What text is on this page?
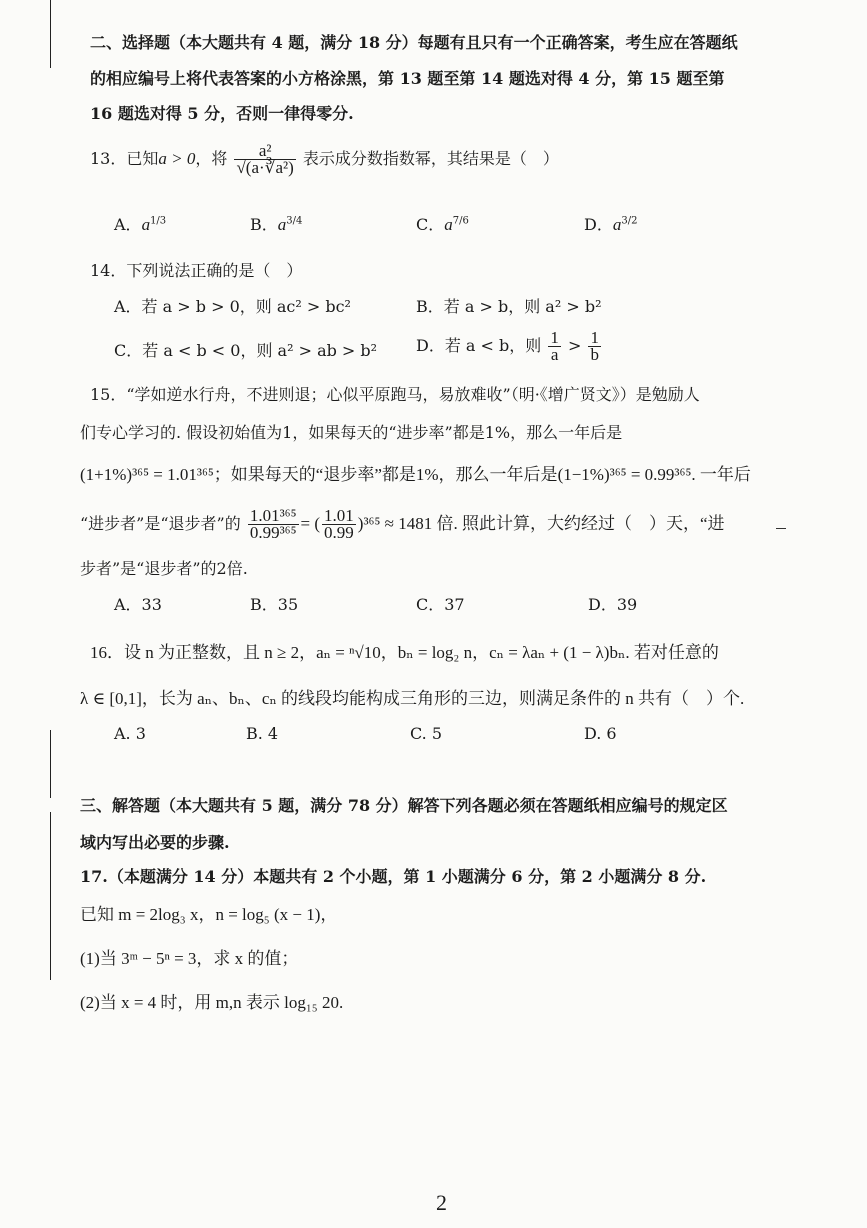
二、选择题（本大题共有 4 题，满分 18 分）每题有且只有一个正确答案，考生应在答题纸
的相应编号上将代表答案的小方格涂黑，第 13 题至第 14 题选对得 4 分，第 15 题至第
16 题选对得 5 分，否则一律得零分.
13．已知a > 0，将 $\frac{\text{a²}}{\text{√(a·∛a²)}}$ 表示成分数指数幂，其结果是（　）
A．$a^{1/3}$	B．$a^{3/4}$	C．$a^{7/6}$	D．$a^{3/2}$
14．下列说法正确的是（　）
A．若 a > b > 0，则 ac² > bc²	B．若 a > b，则 a² > b²
C．若 a < b < 0，则 a² > ab > b² D．若 a < b，则 $\frac{1}{a} > \frac{1}{b}$
15．“学如逆水行舟，不进则退；心似平原跑马，易放难收”（明·《增广贤文》）是勉励人
们专心学习的. 假设初始值为1，如果每天的“进步率”都是1%，那么一年后是
(1+1%)³⁶⁵ = 1.01³⁶⁵；如果每天的“退步率”都是1%，那么一年后是(1−1%)³⁶⁵ = 0.99³⁶⁵. 一年后
“进步者”是“退步者”的 $\frac{\text{1.01³⁶⁵}}{\text{0.99³⁶⁵}}$ = ( $\frac{1.01}{0.99} )^{365} \approx 1481$ 倍. 照此计算，大约经过（　）天，“进
步者”是“退步者”的2倍.
A．33	B．35	C．37	D．39
16．设 n 为正整数，且 n ≥ 2，aₙ = ⁿ√10，bₙ = log₂ n，cₙ = λaₙ + (1 − λ)bₙ. 若对任意的
λ ∈ [0,1]，长为 aₙ、bₙ、cₙ 的线段均能构成三角形的三边，则满足条件的 n 共有（　）个.
A. 3	B. 4	C. 5	D. 6
三、解答题（本大题共有 5 题，满分 78 分）解答下列各题必须在答题纸相应编号的规定区
域内写出必要的步骤.
17.（本题满分 14 分）本题共有 2 个小题，第 1 小题满分 6 分，第 2 小题满分 8 分.
已知 m = 2log₃ x，n = log₅ (x − 1)，
(1)当 3ᵐ − 5ⁿ = 3，求 x 的值；
(2)当 x = 4 时，用 m,n 表示 log₁₅ 20.
2
